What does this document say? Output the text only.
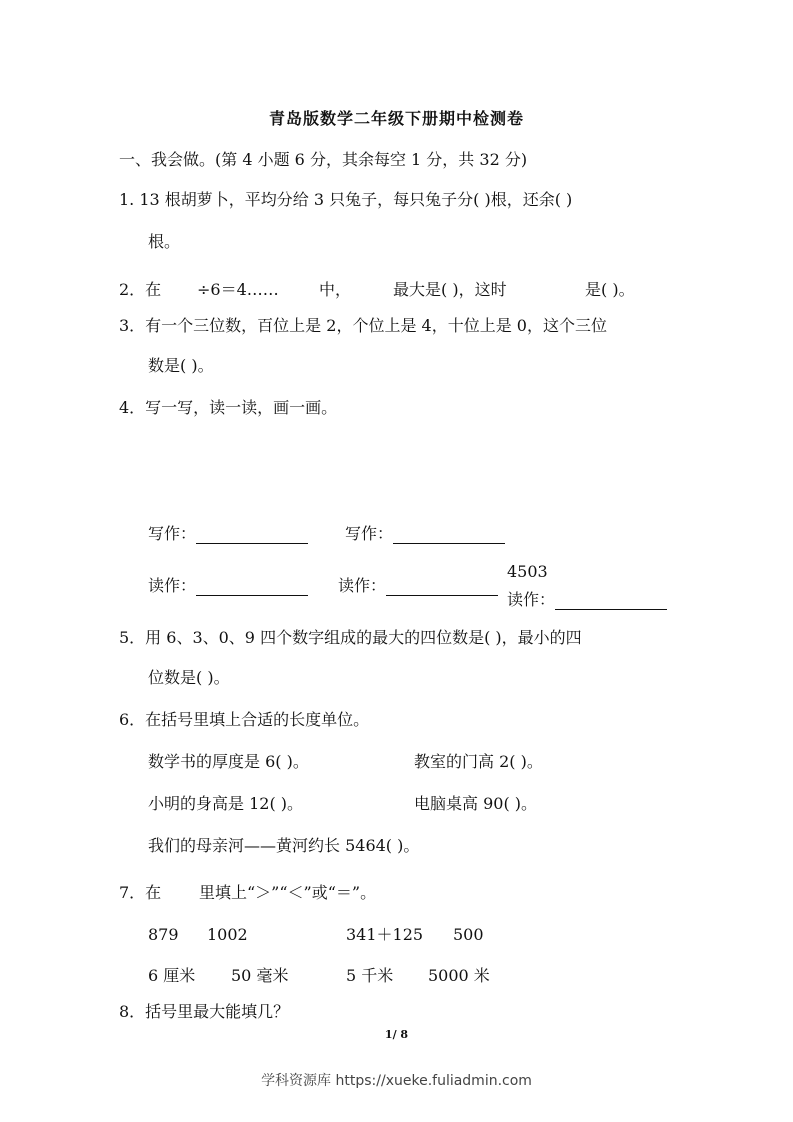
青岛版数学二年级下册期中检测卷
一、我会做。(第 4 小题 6 分，其余每空 1 分，共 32 分)
1. 13 根胡萝卜，平均分给 3 只兔子，每只兔子分( )根，还余( )
根。
2．在 ÷6＝4……	中，	最大是( )，这时	是( )。
3．有一个三位数，百位上是 2，个位上是 4，十位上是 0，这个三位
数是( )。
4．写一写，读一读，画一画。
写作：	写作：
读作：	读作：
4503
读作：
5．用 6、3、0、9 四个数字组成的最大的四位数是( )，最小的四
位数是( )。
6．在括号里填上合适的长度单位。
数学书的厚度是 6( )。	教室的门高 2( )。
小明的身高是 12( )。	电脑桌高 90( )。
我们的母亲河——黄河约长 5464( )。
7．在 里填上“＞”“＜”或“＝”。
879 1002	341＋125 500
6 厘米 50 毫米	5 千米 5000 米
8．括号里最大能填几？
1/ 8
学科资源库 https://xueke.fuliadmin.com
